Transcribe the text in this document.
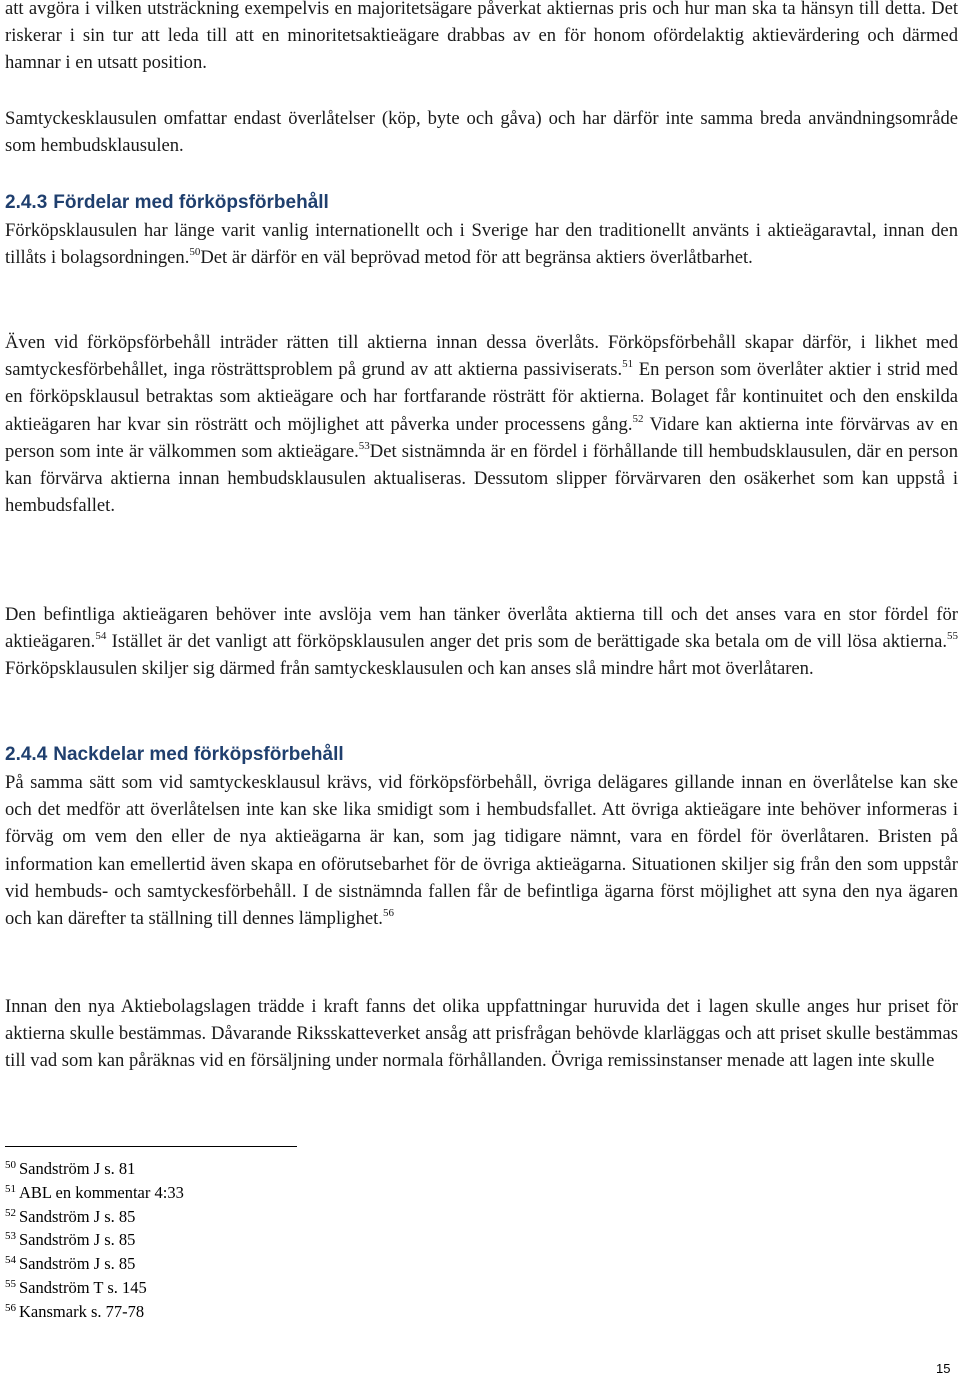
att avgöra i vilken utsträckning exempelvis en majoritetsägare påverkat aktiernas pris och hur man ska ta hänsyn till detta. Det riskerar i sin tur att leda till att en minoritetsaktieägare drabbas av en för honom ofördelaktig aktievärdering och därmed hamnar i en utsatt position.

Samtyckesklausulen omfattar endast överlåtelser (köp, byte och gåva) och har därför inte samma breda användningsområde som hembudsklausulen.

2.4.3 Fördelar med förköpsförbehåll

Förköpsklausulen har länge varit vanlig internationellt och i Sverige har den traditionellt använts i aktieägaravtal, innan den tillåts i bolagsordningen.$^{50}$Det är därför en väl beprövad metod för att begränsa aktiers överlåtbarhet.

Även vid förköpsförbehåll inträder rätten till aktierna innan dessa överlåts. Förköpsförbehåll skapar därför, i likhet med samtyckesförbehållet, inga rösträttsproblem på grund av att aktierna passiviserats.$^{51}$ En person som överlåter aktier i strid med en förköpsklausul betraktas som aktieägare och har fortfarande rösträtt för aktierna. Bolaget får kontinuitet och den enskilda aktieägaren har kvar sin rösträtt och möjlighet att påverka under processens gång.$^{52}$ Vidare kan aktierna inte förvärvas av en person som inte är välkommen som aktieägare.$^{53}$Det sistnämnda är en fördel i förhållande till hembudsklausulen, där en person kan förvärva aktierna innan hembudsklausulen aktualiseras. Dessutom slipper förvärvaren den osäkerhet som kan uppstå i hembudsfallet.

Den befintliga aktieägaren behöver inte avslöja vem han tänker överlåta aktierna till och det anses vara en stor fördel för aktieägaren.$^{54}$ Istället är det vanligt att förköpsklausulen anger det pris som de berättigade ska betala om de vill lösa aktierna.$^{55}$ Förköpsklausulen skiljer sig därmed från samtyckesklausulen och kan anses slå mindre hårt mot överlåtaren.

2.4.4 Nackdelar med förköpsförbehåll

På samma sätt som vid samtyckesklausul krävs, vid förköpsförbehåll, övriga delägares gillande innan en överlåtelse kan ske och det medför att överlåtelsen inte kan ske lika smidigt som i hembudsfallet. Att övriga aktieägare inte behöver informeras i förväg om vem den eller de nya aktieägarna är kan, som jag tidigare nämnt, vara en fördel för överlåtaren. Bristen på information kan emellertid även skapa en oförutsebarhet för de övriga aktieägarna. Situationen skiljer sig från den som uppstår vid hembuds- och samtyckesförbehåll. I de sistnämnda fallen får de befintliga ägarna först möjlighet att syna den nya ägaren och kan därefter ta ställning till dennes lämplighet.$^{56}$

Innan den nya Aktiebolagslagen trädde i kraft fanns det olika uppfattningar huruvida det i lagen skulle anges hur priset för aktierna skulle bestämmas. Dåvarande Riksskatteverket ansåg att prisfrågan behövde klarläggas och att priset skulle bestämmas till vad som kan påräknas vid en försäljning under normala förhållanden. Övriga remissinstanser menade att lagen inte skulle

$^{50}$ Sandström J s. 81
$^{51}$ ABL en kommentar 4:33
$^{52}$ Sandström J s. 85
$^{53}$ Sandström J s. 85
$^{54}$ Sandström J s. 85
$^{55}$ Sandström T s. 145
$^{56}$ Kansmark s. 77-78
15
